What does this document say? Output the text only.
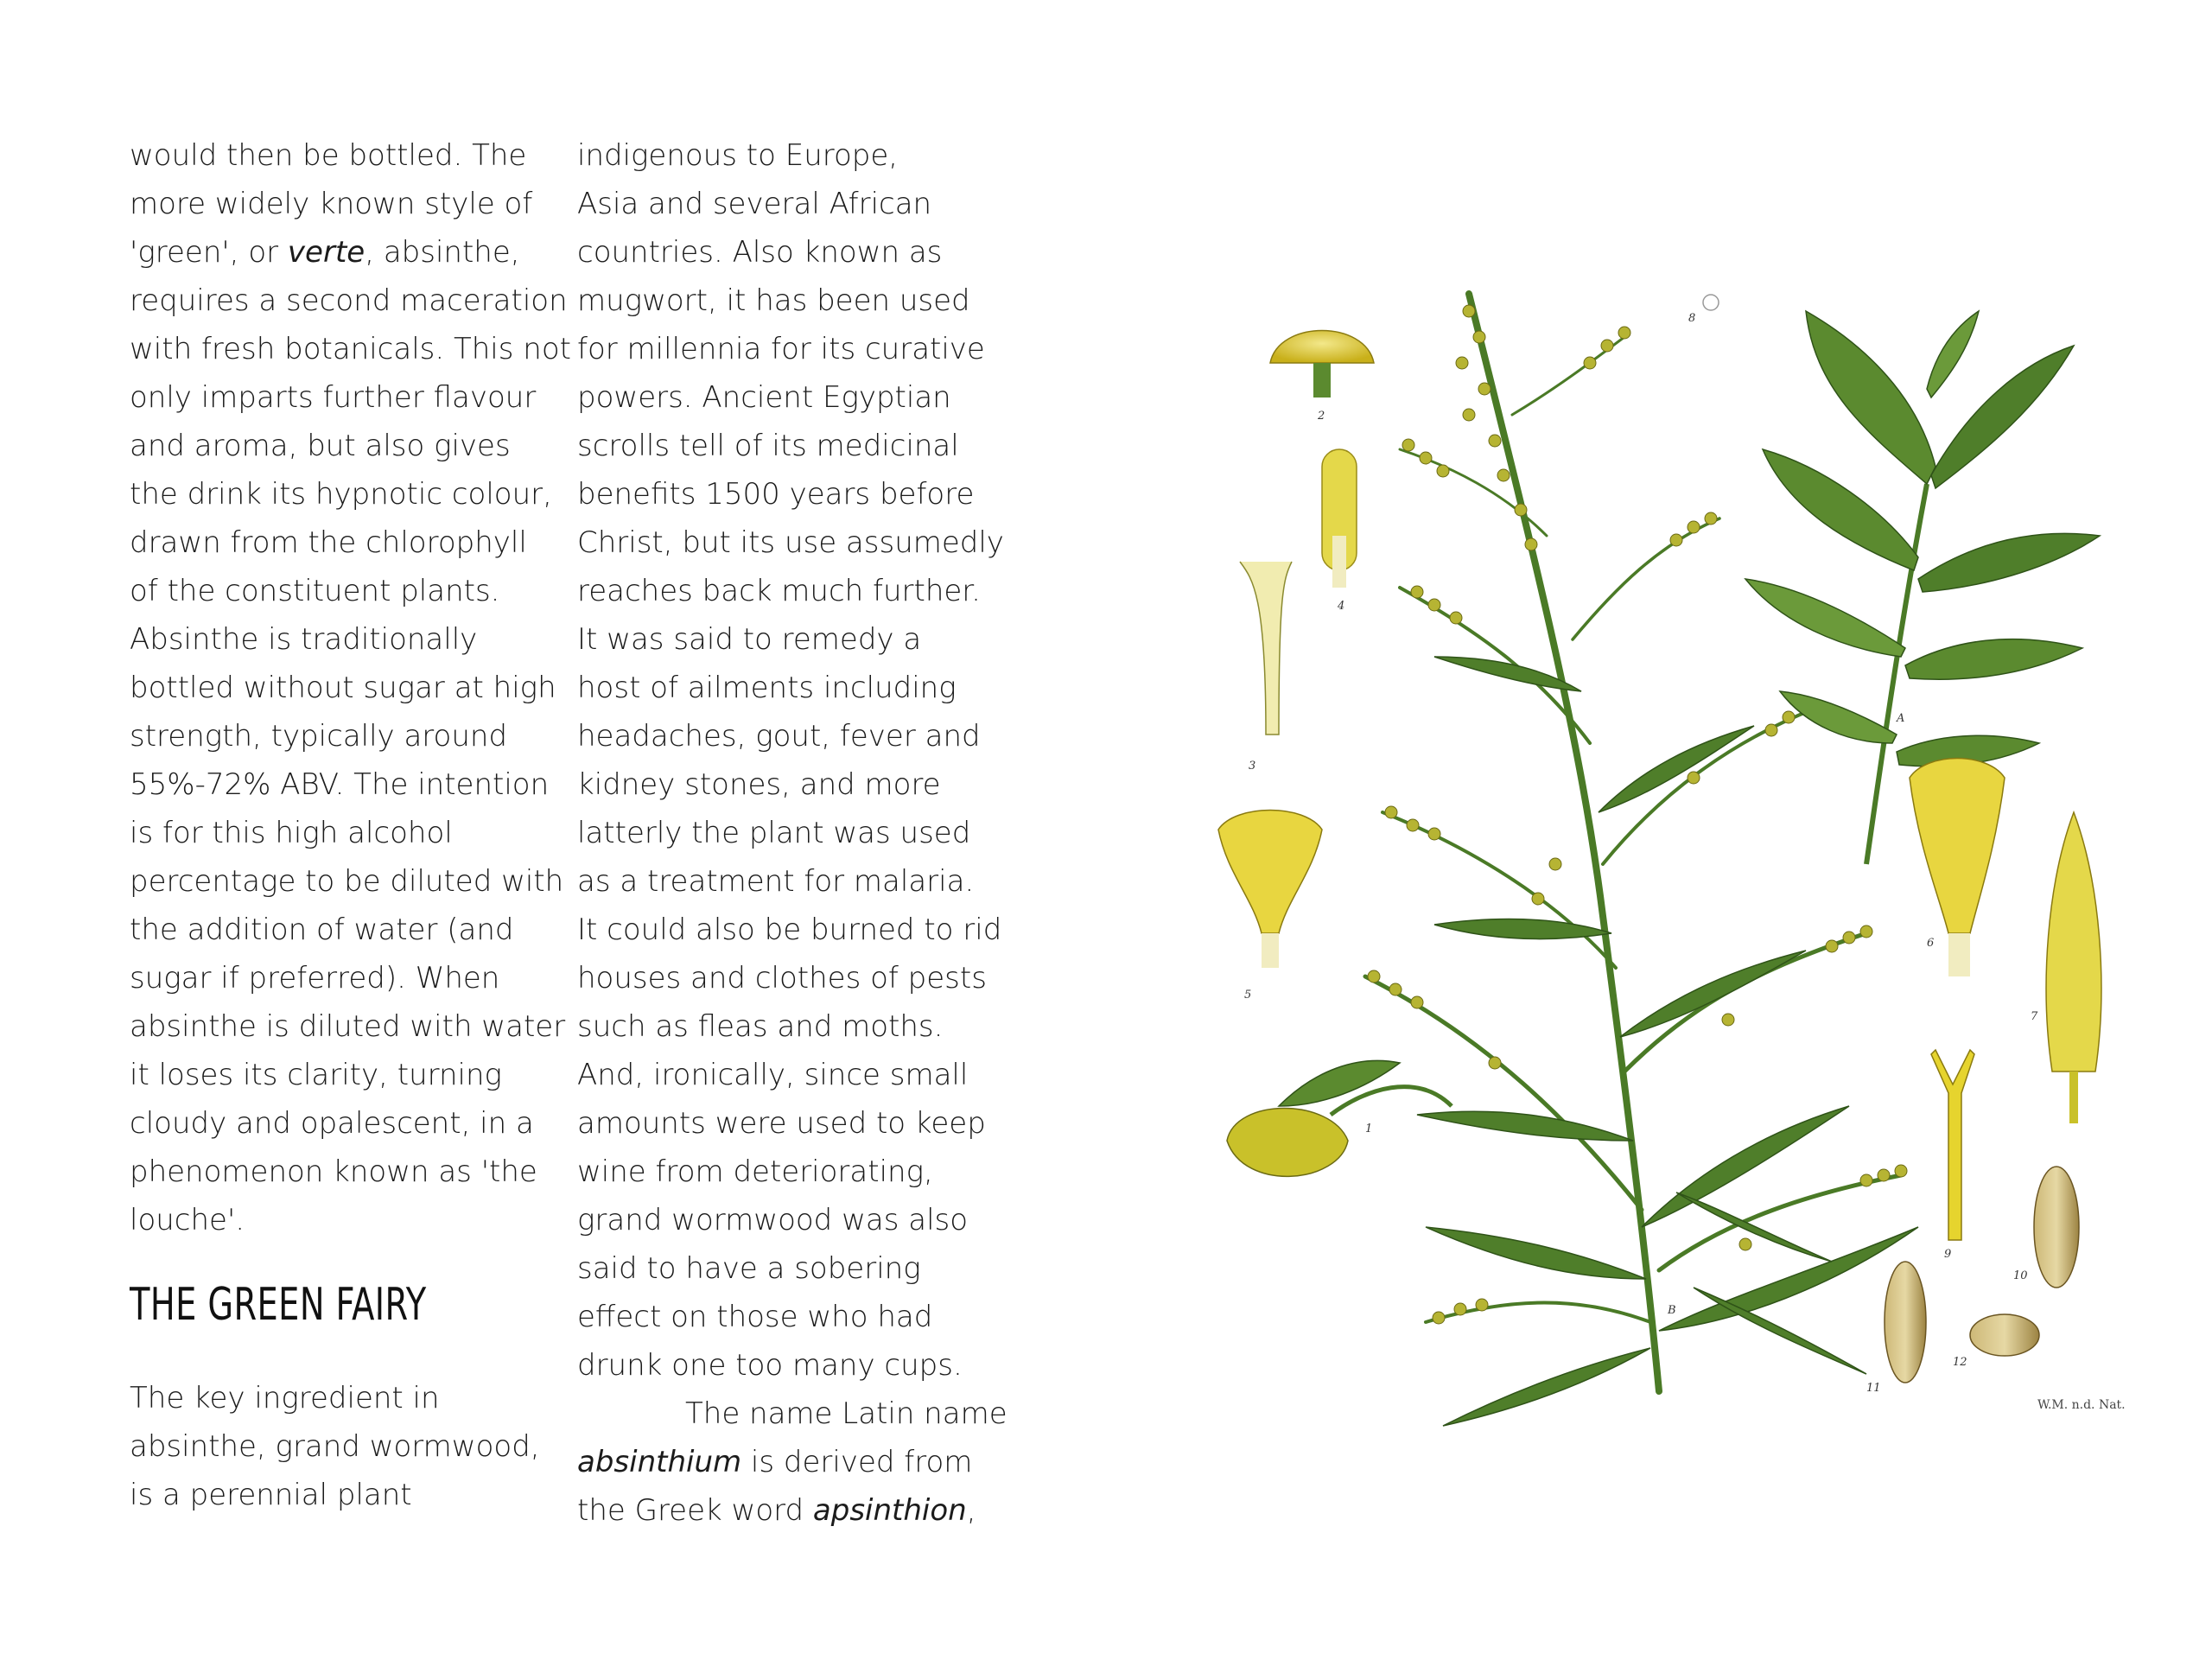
would then be bottled. The
more widely known style of
'green', or verte, absinthe,
requires a second maceration
with fresh botanicals. This not
only imparts further flavour
and aroma, but also gives
the drink its hypnotic colour,
drawn from the chlorophyll
of the constituent plants.
Absinthe is traditionally
bottled without sugar at high
strength, typically around
55%-72% ABV. The intention
is for this high alcohol
percentage to be diluted with
the addition of water (and
sugar if preferred). When
absinthe is diluted with water
it loses its clarity, turning
cloudy and opalescent, in a
phenomenon known as 'the
louche'.
THE GREEN FAIRY
The key ingredient in
absinthe, grand wormwood,
is a perennial plant
indigenous to Europe,
Asia and several African
countries. Also known as
mugwort, it has been used
for millennia for its curative
powers. Ancient Egyptian
scrolls tell of its medicinal
benefits 1500 years before
Christ, but its use assumedly
reaches back much further.
It was said to remedy a
host of ailments including
headaches, gout, fever and
kidney stones, and more
latterly the plant was used
as a treatment for malaria.
It could also be burned to rid
houses and clothes of pests
such as fleas and moths.
And, ironically, since small
amounts were used to keep
wine from deteriorating,
grand wormwood was also
said to have a sobering
effect on those who had
drunk one too many cups.
The name Latin name
absinthium is derived from
the Greek word apsinthion,
2
4
3
5
1
8
6
7
9
10
11
12
A
B
W.M. n.d. Nat.
